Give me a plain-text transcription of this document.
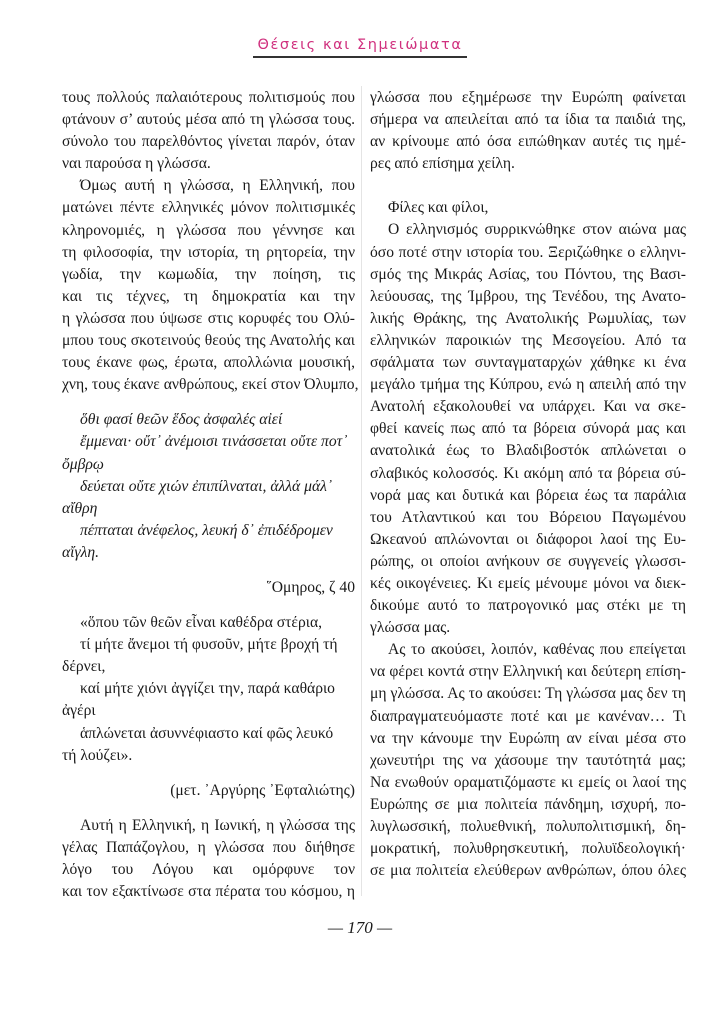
Θέσεις και Σημειώματα
τους πολλούς παλαιότερους πολιτισμούς που
φτάνουν σ’ αυτούς μέσα από τη γλώσσα τους.
σύνολο του παρελθόντος γίνεται παρόν, όταν
ναι παρούσα η γλώσσα.
Όμως αυτή η γλώσσα, η Ελληνική, που
ματώνει πέντε ελληνικές μόνον πολιτισμικές
κληρονομιές, η γλώσσα που γέννησε και
τη φιλοσοφία, την ιστορία, τη ρητορεία, την
γωδία, την κωμωδία, την ποίηση, τις
και τις τέχνες, τη δημοκρατία και την
η γλώσσα που ύψωσε στις κορυφές του Ολύ-
μπου τους σκοτεινούς θεούς της Ανατολής και
τους έκανε φως, έρωτα, απολλώνια μουσική,
χνη, τους έκανε ανθρώπους, εκεί στον Όλυμπο,
ὅθι φασί θεῶν ἕδος ἀσφαλές αἰεί
ἔμμεναι· οὔτ᾽ ἀνέμοισι τινάσσεται οὔτε ποτ᾽
ὄμβρῳ
δεύεται οὔτε χιών ἐπιπίλναται, ἀλλά μάλ᾽
αἴθρη
πέπταται ἀνέφελος, λευκή δ᾽ ἐπιδέδρομεν
αἴγλη.
῞Ομηρος, ζ 40
«ὅπου τῶν θεῶν εἶναι καθέδρα στέρια,
τί μήτε ἄνεμοι τή φυσοῦν, μήτε βροχή τή
δέρνει,
καί μήτε χιόνι ἀγγίζει την, παρά καθάριο
ἀγέρι
ἁπλώνεται ἀσυννέφιαστο καί φῶς λευκό
τή λούζει».
(μετ. ᾿Αργύρης ᾿Εφταλιώτης)
Αυτή η Ελληνική, η Ιωνική, η γλώσσα της
γέλας Παπάζογλου, η γλώσσα που διήθησε
λόγο του Λόγου και ομόρφυνε τον
και τον εξακτίνωσε στα πέρατα του κόσμου, η
γλώσσα που εξημέρωσε την Ευρώπη φαίνεται
σήμερα να απειλείται από τα ίδια τα παιδιά της,
αν κρίνουμε από όσα ειπώθηκαν αυτές τις ημέ-
ρες από επίσημα χείλη.
Φίλες και φίλοι,
Ο ελληνισμός συρρικνώθηκε στον αιώνα μας
όσο ποτέ στην ιστορία του. Ξεριζώθηκε ο ελληνι-
σμός της Μικράς Ασίας, του Πόντου, της Βασι-
λεύουσας, της Ίμβρου, της Τενέδου, της Ανατο-
λικής Θράκης, της Ανατολικής Ρωμυλίας, των
ελληνικών παροικιών της Μεσογείου. Από τα
σφάλματα των συνταγματαρχών χάθηκε κι ένα
μεγάλο τμήμα της Κύπρου, ενώ η απειλή από την
Ανατολή εξακολουθεί να υπάρχει. Και να σκε-
φθεί κανείς πως από τα βόρεια σύνορά μας και
ανατολικά έως το Βλαδιβοστόκ απλώνεται ο
σλαβικός κολοσσός. Κι ακόμη από τα βόρεια σύ-
νορά μας και δυτικά και βόρεια έως τα παράλια
του Ατλαντικού και του Βόρειου Παγωμένου
Ωκεανού απλώνονται οι διάφοροι λαοί της Ευ-
ρώπης, οι οποίοι ανήκουν σε συγγενείς γλωσσι-
κές οικογένειες. Κι εμείς μένουμε μόνοι να διεκ-
δικούμε αυτό το πατρογονικό μας στέκι με τη
γλώσσα μας.
Ας το ακούσει, λοιπόν, καθένας που επείγεται
να φέρει κοντά στην Ελληνική και δεύτερη επίση-
μη γλώσσα. Ας το ακούσει: Τη γλώσσα μας δεν τη
διαπραγματευόμαστε ποτέ και με κανέναν… Τι
να την κάνουμε την Ευρώπη αν είναι μέσα στο
χωνευτήρι της να χάσουμε την ταυτότητά μας;
Να ενωθούν οραματιζόμαστε κι εμείς οι λαοί της
Ευρώπης σε μια πολιτεία πάνδημη, ισχυρή, πο-
λυγλωσσική, πολυεθνική, πολυπολιτισμική, δη-
μοκρατική, πολυθρησκευτική, πολυϊδεολογική·
σε μια πολιτεία ελεύθερων ανθρώπων, όπου όλες
— 170 —
